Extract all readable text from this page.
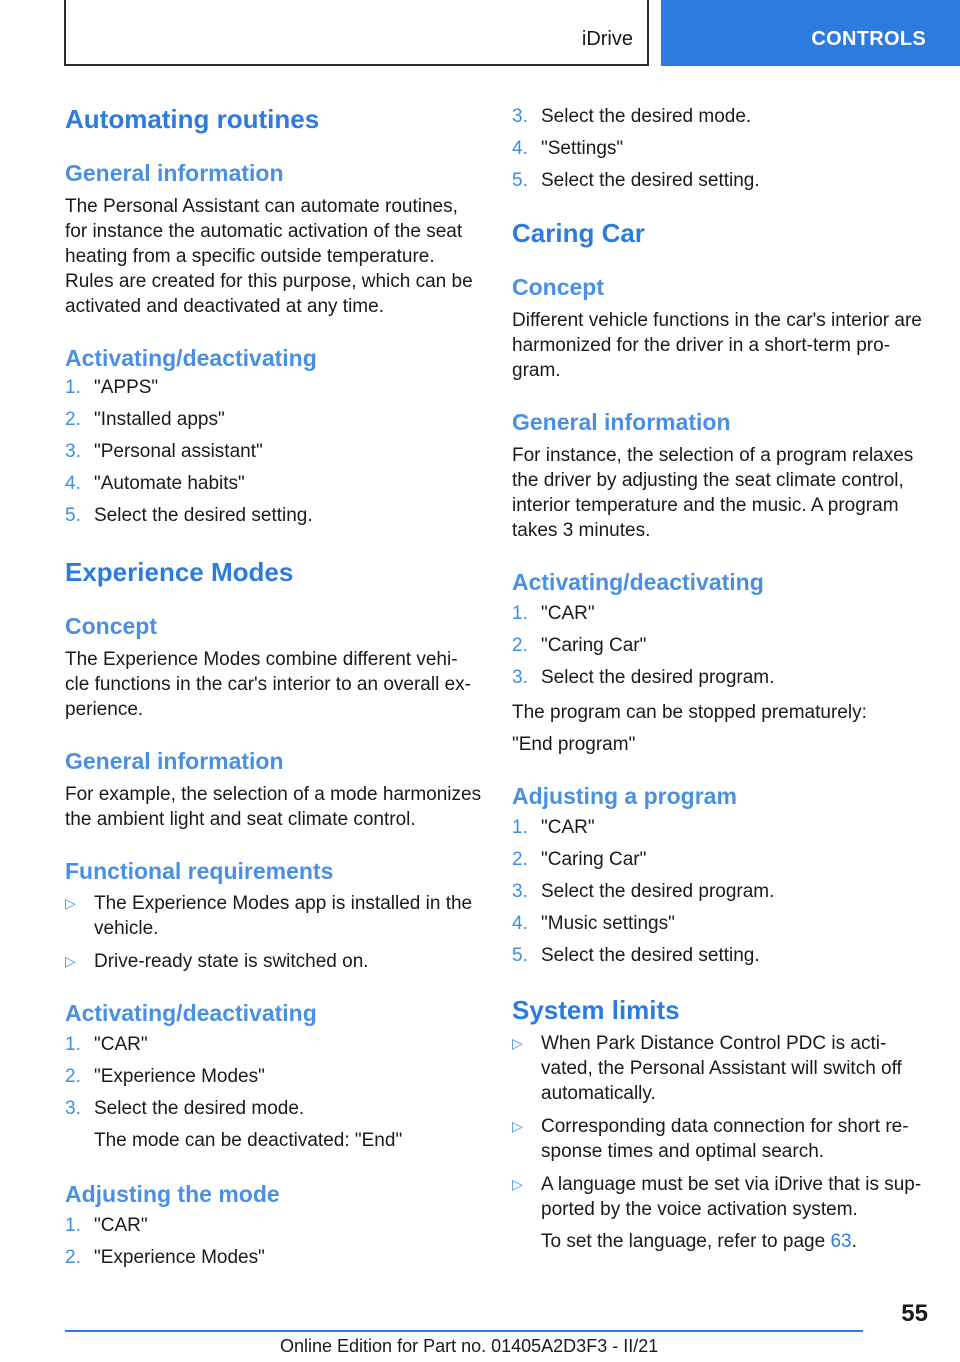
iDrive	CONTROLS
Automating routines
General information
The Personal Assistant can automate routines,
for instance the automatic activation of the seat
heating from a specific outside temperature.
Rules are created for this purpose, which can be
activated and deactivated at any time.
Activating/deactivating
1. "APPS"
2. "Installed apps"
3. "Personal assistant"
4. "Automate habits"
5. Select the desired setting.
Experience Modes
Concept
The Experience Modes combine different vehi-
cle functions in the car's interior to an overall ex-
perience.
General information
For example, the selection of a mode harmonizes
the ambient light and seat climate control.
Functional requirements
▷ The Experience Modes app is installed in the
vehicle.
▷ Drive-ready state is switched on.
Activating/deactivating
1. "CAR"
2. "Experience Modes"
3. Select the desired mode.
The mode can be deactivated: "End"
Adjusting the mode
1. "CAR"
2. "Experience Modes"
3. Select the desired mode.
4. "Settings"
5. Select the desired setting.
Caring Car
Concept
Different vehicle functions in the car's interior are
harmonized for the driver in a short-term pro-
gram.
General information
For instance, the selection of a program relaxes
the driver by adjusting the seat climate control,
interior temperature and the music. A program
takes 3 minutes.
Activating/deactivating
1. "CAR"
2. "Caring Car"
3. Select the desired program.
The program can be stopped prematurely:
"End program"
Adjusting a program
1. "CAR"
2. "Caring Car"
3. Select the desired program.
4. "Music settings"
5. Select the desired setting.
System limits
▷ When Park Distance Control PDC is acti-
vated, the Personal Assistant will switch off
automatically.
▷ Corresponding data connection for short re-
sponse times and optimal search.
▷ A language must be set via iDrive that is sup-
ported by the voice activation system.
To set the language, refer to page 63.
55
Online Edition for Part no. 01405A2D3F3 - II/21
